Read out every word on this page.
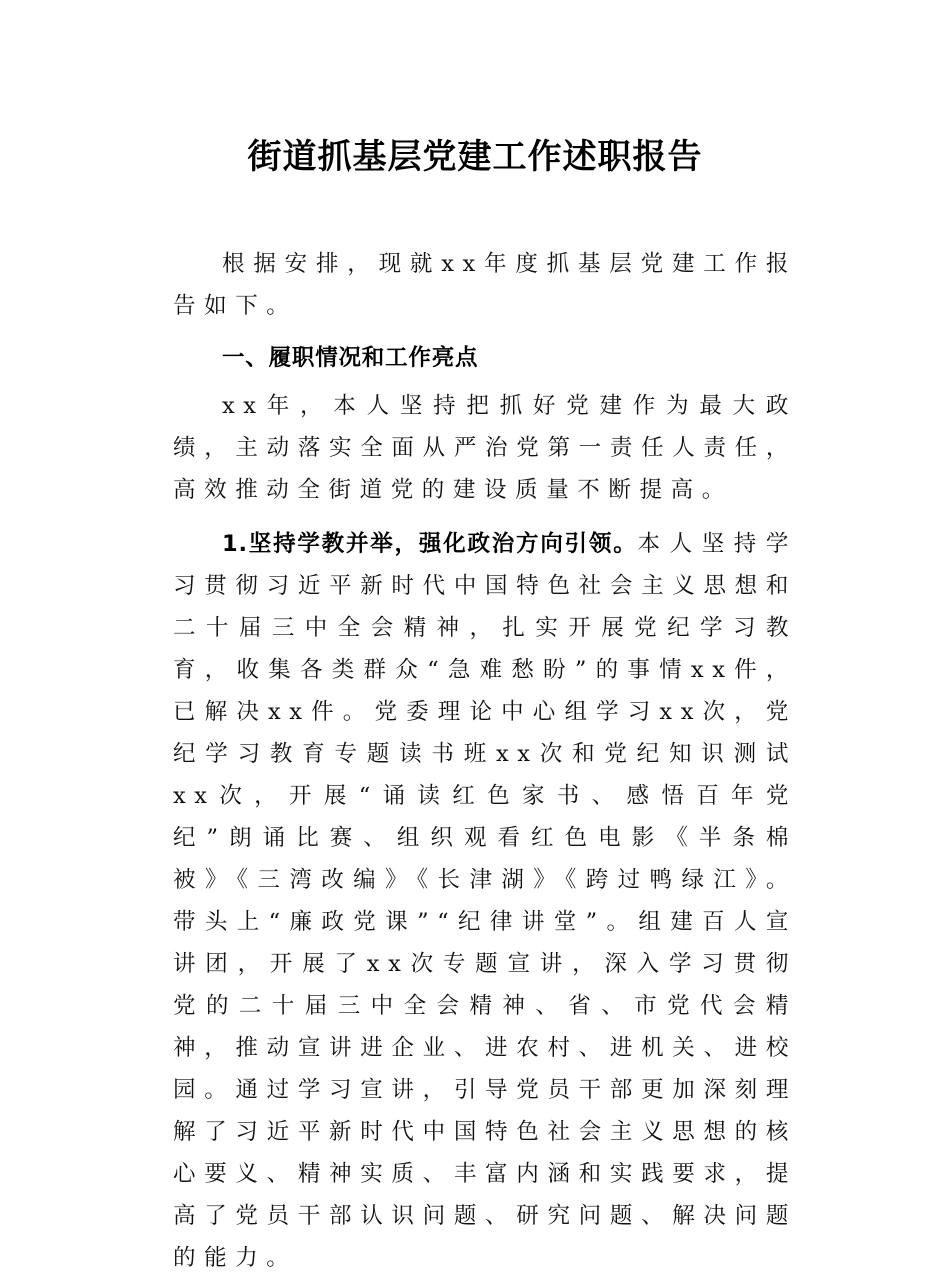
街道抓基层党建工作述职报告

根据安排，现就xx年度抓基层党建工作报告如下。

一、履职情况和工作亮点

xx年，本人坚持把抓好党建作为最大政绩，主动落实全面从严治党第一责任人责任，高效推动全街道党的建设质量不断提高。

1.坚持学教并举，强化政治方向引领。本人坚持学习贯彻习近平新时代中国特色社会主义思想和二十届三中全会精神，扎实开展党纪学习教育，收集各类群众“急难愁盼”的事情xx件，已解决xx件。党委理论中心组学习xx次，党纪学习教育专题读书班xx次和党纪知识测试xx次，开展“诵读红色家书、感悟百年党纪”朗诵比赛、组织观看红色电影《半条棉被》《三湾改编》《长津湖》《跨过鸭绿江》。带头上“廉政党课”“纪律讲堂”。组建百人宣讲团，开展了xx次专题宣讲，深入学习贯彻党的二十届三中全会精神、省、市党代会精神，推动宣讲进企业、进农村、进机关、进校园。通过学习宣讲，引导党员干部更加深刻理解了习近平新时代中国特色社会主义思想的核心要义、精神实质、丰富内涵和实践要求，提高了党员干部认识问题、研究问题、解决问题的能力。
